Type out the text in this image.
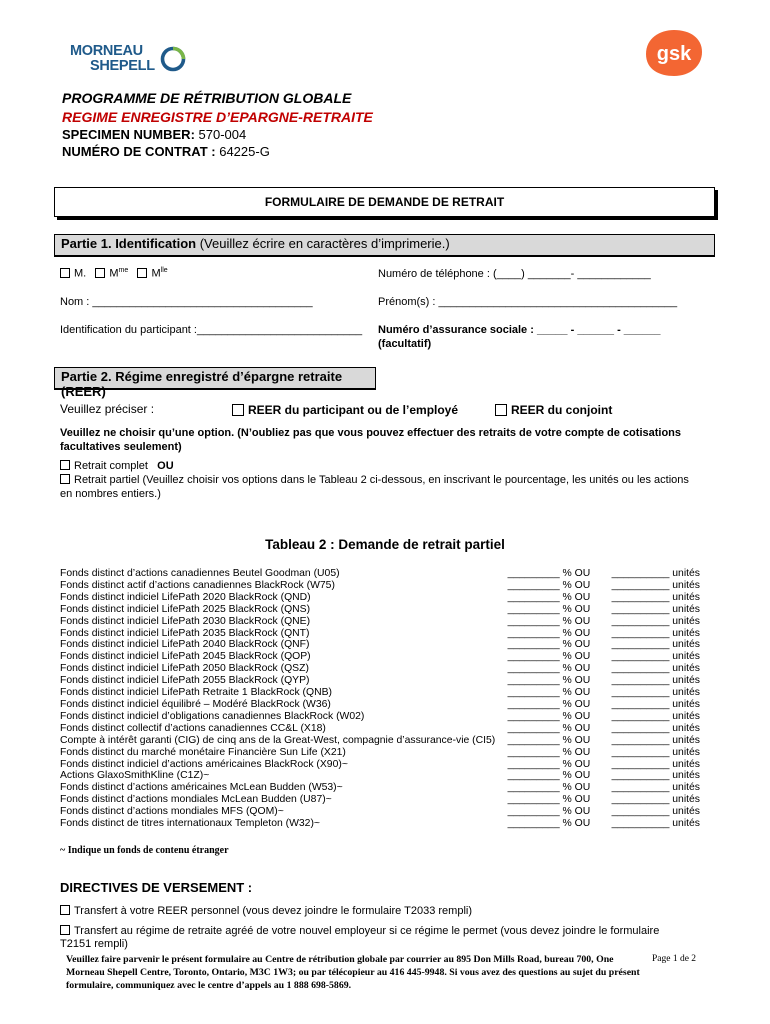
MORNEAU
SHEPELL
gsk
PROGRAMME DE RÉTRIBUTION GLOBALE
REGIME ENREGISTRE D’EPARGNE-RETRAITE
SPECIMEN NUMBER: 570-004
NUMÉRO DE CONTRAT : 64225-G
FORMULAIRE DE DEMANDE DE RETRAIT
Partie 1. Identification (Veuillez écrire en caractères d’imprimerie.)
M. $M^{me}$ $M^{lle}$	Numéro de téléphone : (____) _______- ____________
Nom : ____________________________________	Prénom(s) : _______________________________________
Identification du participant :___________________________ Numéro d’assurance sociale : _____ - ______ - ______
(facultatif)
Partie 2. Régime enregistré d’épargne retraite (REER)
Veuillez préciser :	REER du participant ou de l’employé	REER du conjoint
Veuillez ne choisir qu’une option. (N’oubliez pas que vous pouvez effectuer des retraits de votre compte de cotisations facultatives seulement)
Retrait complet OU
Retrait partiel (Veuillez choisir vos options dans le Tableau 2 ci-dessous, en inscrivant le pourcentage, les unités ou les actions en nombres entiers.)
Tableau 2 : Demande de retrait partiel
Fonds distinct d’actions canadiennes Beutel Goodman (U05)	_________ % OU	__________ unités
Fonds distinct actif d’actions canadiennes BlackRock (W75)	_________ % OU	__________ unités
Fonds distinct indiciel LifePath 2020 BlackRock (QND)	_________ % OU	__________ unités
Fonds distinct indiciel LifePath 2025 BlackRock (QNS)	_________ % OU	__________ unités
Fonds distinct indiciel LifePath 2030 BlackRock (QNE)	_________ % OU	__________ unités
Fonds distinct indiciel LifePath 2035 BlackRock (QNT)	_________ % OU	__________ unités
Fonds distinct indiciel LifePath 2040 BlackRock (QNF)	_________ % OU	__________ unités
Fonds distinct indiciel LifePath 2045 BlackRock (QOP)	_________ % OU	__________ unités
Fonds distinct indiciel LifePath 2050 BlackRock (QSZ)	_________ % OU	__________ unités
Fonds distinct indiciel LifePath 2055 BlackRock (QYP)	_________ % OU	__________ unités
Fonds distinct indiciel LifePath Retraite 1 BlackRock (QNB)	_________ % OU	__________ unités
Fonds distinct indiciel équilibré – Modéré BlackRock (W36)	_________ % OU	__________ unités
Fonds distinct indiciel d’obligations canadiennes BlackRock (W02)	_________ % OU	__________ unités
Fonds distinct collectif d’actions canadiennes CC&L (X18)	_________ % OU	__________ unités
Compte à intérêt garanti (CIG) de cinq ans de la Great-West, compagnie d’assurance-vie (CI5)	_________ % OU	__________ unités
Fonds distinct du marché monétaire Financière Sun Life (X21)	_________ % OU	__________ unités
Fonds distinct indiciel d’actions américaines BlackRock (X90)~	_________ % OU	__________ unités
Actions GlaxoSmithKline (C1Z)~	_________ % OU	__________ unités
Fonds distinct d’actions américaines McLean Budden (W53)~	_________ % OU	__________ unités
Fonds distinct d’actions mondiales McLean Budden (U87)~	_________ % OU	__________ unités
Fonds distinct d’actions mondiales MFS (QOM)~	_________ % OU	__________ unités
Fonds distinct de titres internationaux Templeton (W32)~	_________ % OU	__________ unités
~ Indique un fonds de contenu étranger
DIRECTIVES DE VERSEMENT :
Transfert à votre REER personnel (vous devez joindre le formulaire T2033 rempli)
Transfert au régime de retraite agréé de votre nouvel employeur si ce régime le permet (vous devez joindre le formulaire T2151 rempli)
Veuillez faire parvenir le présent formulaire au Centre de rétribution globale par courrier au 895 Don Mills Road, bureau 700, One Morneau Shepell Centre, Toronto, Ontario, M3C 1W3; ou par télécopieur au 416 445-9948. Si vous avez des questions au sujet du présent formulaire, communiquez avec le centre d’appels au 1 888 698-5869.
Page 1 de 2
